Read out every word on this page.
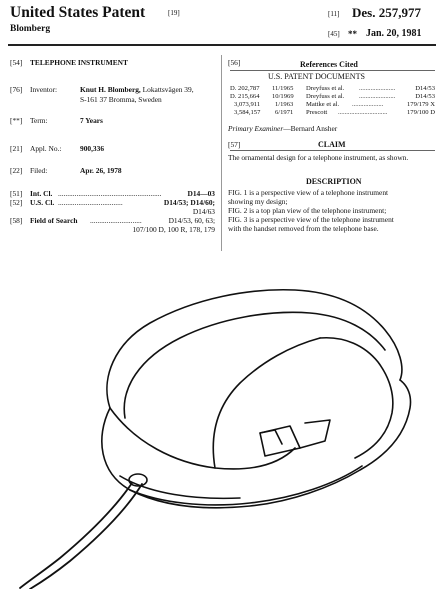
United States Patent	[19]
Blomberg
[11] Des. 257,977
[45] ** Jan. 20, 1981
[54] TELEPHONE INSTRUMENT
[76] Inventor:	Knut H. Blomberg, Lokattsvägen 39,
S-161 37 Bromma, Sweden
[**] Term:	7 Years
[21] Appl. No.:	900,336
[22] Filed:	Apr. 26, 1978
[51] Int. Cl. ........................................................	D14—03
[52] U.S. Cl. ...................................	D14/53; D14/60;
D14/63
[58] Field of Search ............................	D14/53, 60, 63;
107/100 D, 100 R, 178, 179
[56]	References Cited
U.S. PATENT DOCUMENTS
D. 202,787 11/1965 Dreyfuss et al. ......................	D14/53
D. 215,664 10/1969 Dreyfuss et al. ......................	D14/53
3,073,911 1/1963 Mattke et al. ...................	179/179 X
3,584,157 6/1971 Prescott ..............................	179/100 D
Primary Examiner—Bernard Ansher
[57]	CLAIM
The ornamental design for a telephone instrument, as shown.
DESCRIPTION
FIG. 1 is a perspective view of a telephone instrument
showing my design;
FIG. 2 is a top plan view of the telephone instrument;
FIG. 3 is a perspective view of the telephone instrument
with the handset removed from the telephone base.
